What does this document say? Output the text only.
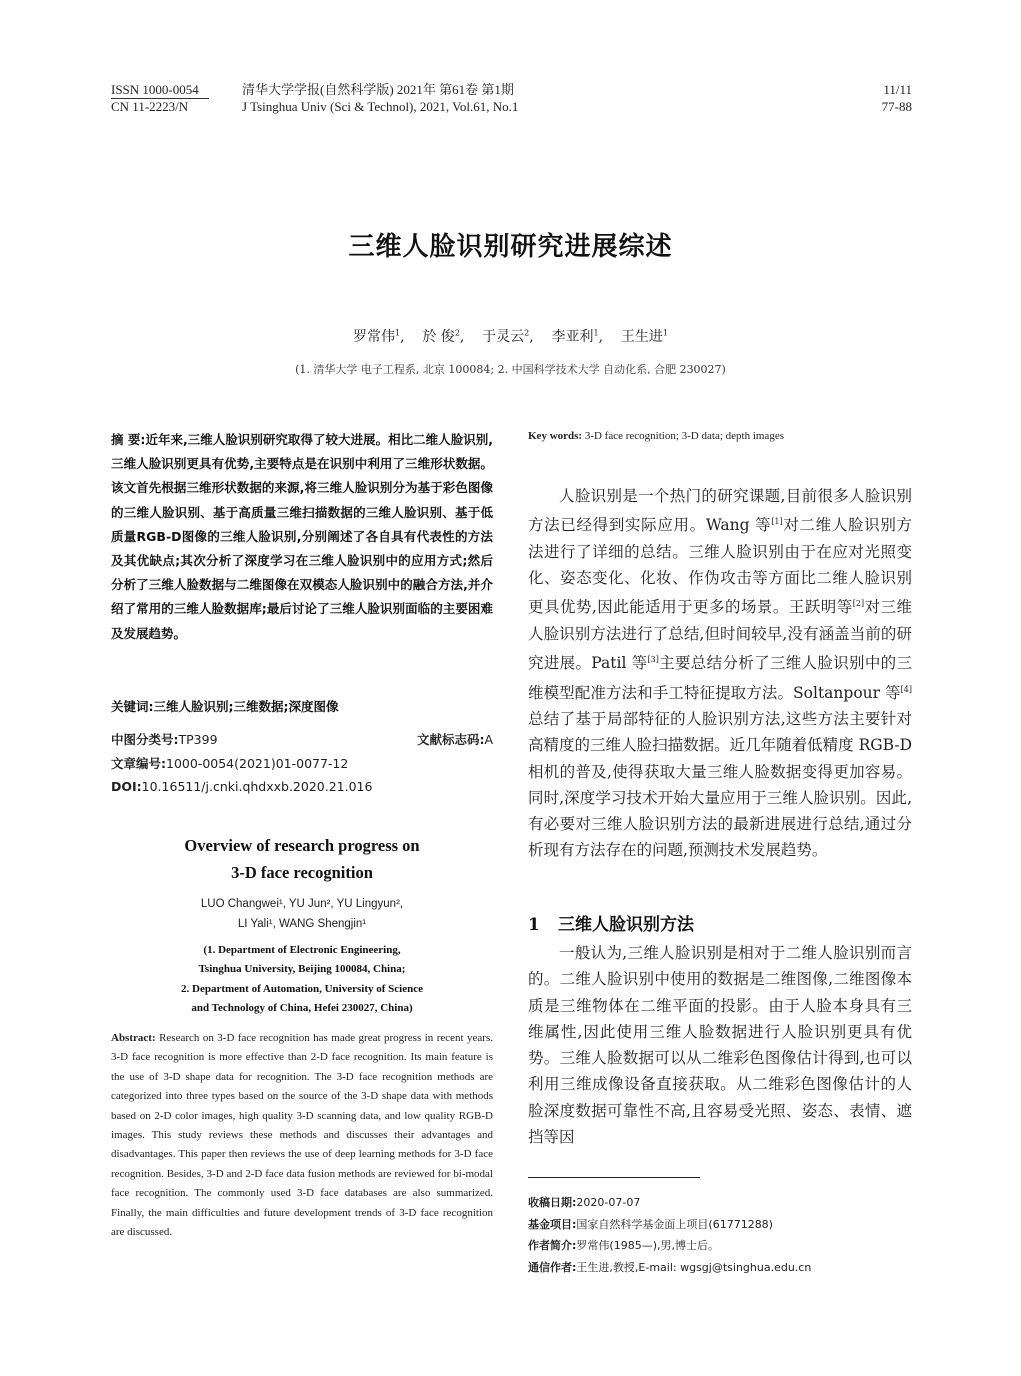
ISSN 1000-0054
CN 11-2223/N
清华大学学报(自然科学版) 2021年 第61卷 第1期
J Tsinghua Univ (Sci & Technol), 2021, Vol.61, No.1
11/11
77-88
三维人脸识别研究进展综述
罗常伟$^1$,    於 俊$^2$,    于灵云$^2$,    李亚利$^1$,    王生进$^1$
(1. 清华大学 电子工程系, 北京 100084; 2. 中国科学技术大学 自动化系, 合肥 230027)
摘 要:近年来,三维人脸识别研究取得了较大进展。相比二维人脸识别,三维人脸识别更具有优势,主要特点是在识别中利用了三维形状数据。该文首先根据三维形状数据的来源,将三维人脸识别分为基于彩色图像的三维人脸识别、基于高质量三维扫描数据的三维人脸识别、基于低质量RGB-D图像的三维人脸识别,分别阐述了各自具有代表性的方法及其优缺点;其次分析了深度学习在三维人脸识别中的应用方式;然后分析了三维人脸数据与二维图像在双模态人脸识别中的融合方法,并介绍了常用的三维人脸数据库;最后讨论了三维人脸识别面临的主要困难及发展趋势。
关键词:三维人脸识别;三维数据;深度图像
中图分类号:TP399	文献标志码:A
文章编号:1000-0054(2021)01-0077-12
DOI:10.16511/j.cnki.qhdxxb.2020.21.016
Overview of research progress on
3-D face recognition
LUO Changwei¹, YU Jun², YU Lingyun²,
LI Yali¹, WANG Shengjin¹
(1. Department of Electronic Engineering,
Tsinghua University, Beijing 100084, China;
2. Department of Automation, University of Science
and Technology of China, Hefei 230027, China)
Abstract: Research on 3-D face recognition has made great progress in recent years. 3-D face recognition is more effective than 2-D face recognition. Its main feature is the use of 3-D shape data for recognition. The 3-D face recognition methods are categorized into three types based on the source of the 3-D shape data with methods based on 2-D color images, high quality 3-D scanning data, and low quality RGB-D images. This study reviews these methods and discusses their advantages and disadvantages. This paper then reviews the use of deep learning methods for 3-D face recognition. Besides, 3-D and 2-D face data fusion methods are reviewed for bi-modal face recognition. The commonly used 3-D face databases are also summarized. Finally, the main difficulties and future development trends of 3-D face recognition are discussed.
Key words: 3-D face recognition; 3-D data; depth images

人脸识别是一个热门的研究课题,目前很多人脸识别方法已经得到实际应用。Wang 等[1]对二维人脸识别方法进行了详细的总结。三维人脸识别由于在应对光照变化、姿态变化、化妆、作伪攻击等方面比二维人脸识别更具优势,因此能适用于更多的场景。王跃明等[2]对三维人脸识别方法进行了总结,但时间较早,没有涵盖当前的研究进展。Patil 等[3]主要总结分析了三维人脸识别中的三维模型配准方法和手工特征提取方法。Soltanpour 等[4]总结了基于局部特征的人脸识别方法,这些方法主要针对高精度的三维人脸扫描数据。近几年随着低精度 RGB-D 相机的普及,使得获取大量三维人脸数据变得更加容易。同时,深度学习技术开始大量应用于三维人脸识别。因此,有必要对三维人脸识别方法的最新进展进行总结,通过分析现有方法存在的问题,预测技术发展趋势。

1 三维人脸识别方法

一般认为,三维人脸识别是相对于二维人脸识别而言的。二维人脸识别中使用的数据是二维图像,二维图像本质是三维物体在二维平面的投影。由于人脸本身具有三维属性,因此使用三维人脸数据进行人脸识别更具有优势。三维人脸数据可以从二维彩色图像估计得到,也可以利用三维成像设备直接获取。从二维彩色图像估计的人脸深度数据可靠性不高,且容易受光照、姿态、表情、遮挡等因

收稿日期:2020-07-07
基金项目:国家自然科学基金面上项目(61771288)
作者简介:罗常伟(1985—),男,博士后。
通信作者:王生进,教授,E-mail: wgsgj@tsinghua.edu.cn
